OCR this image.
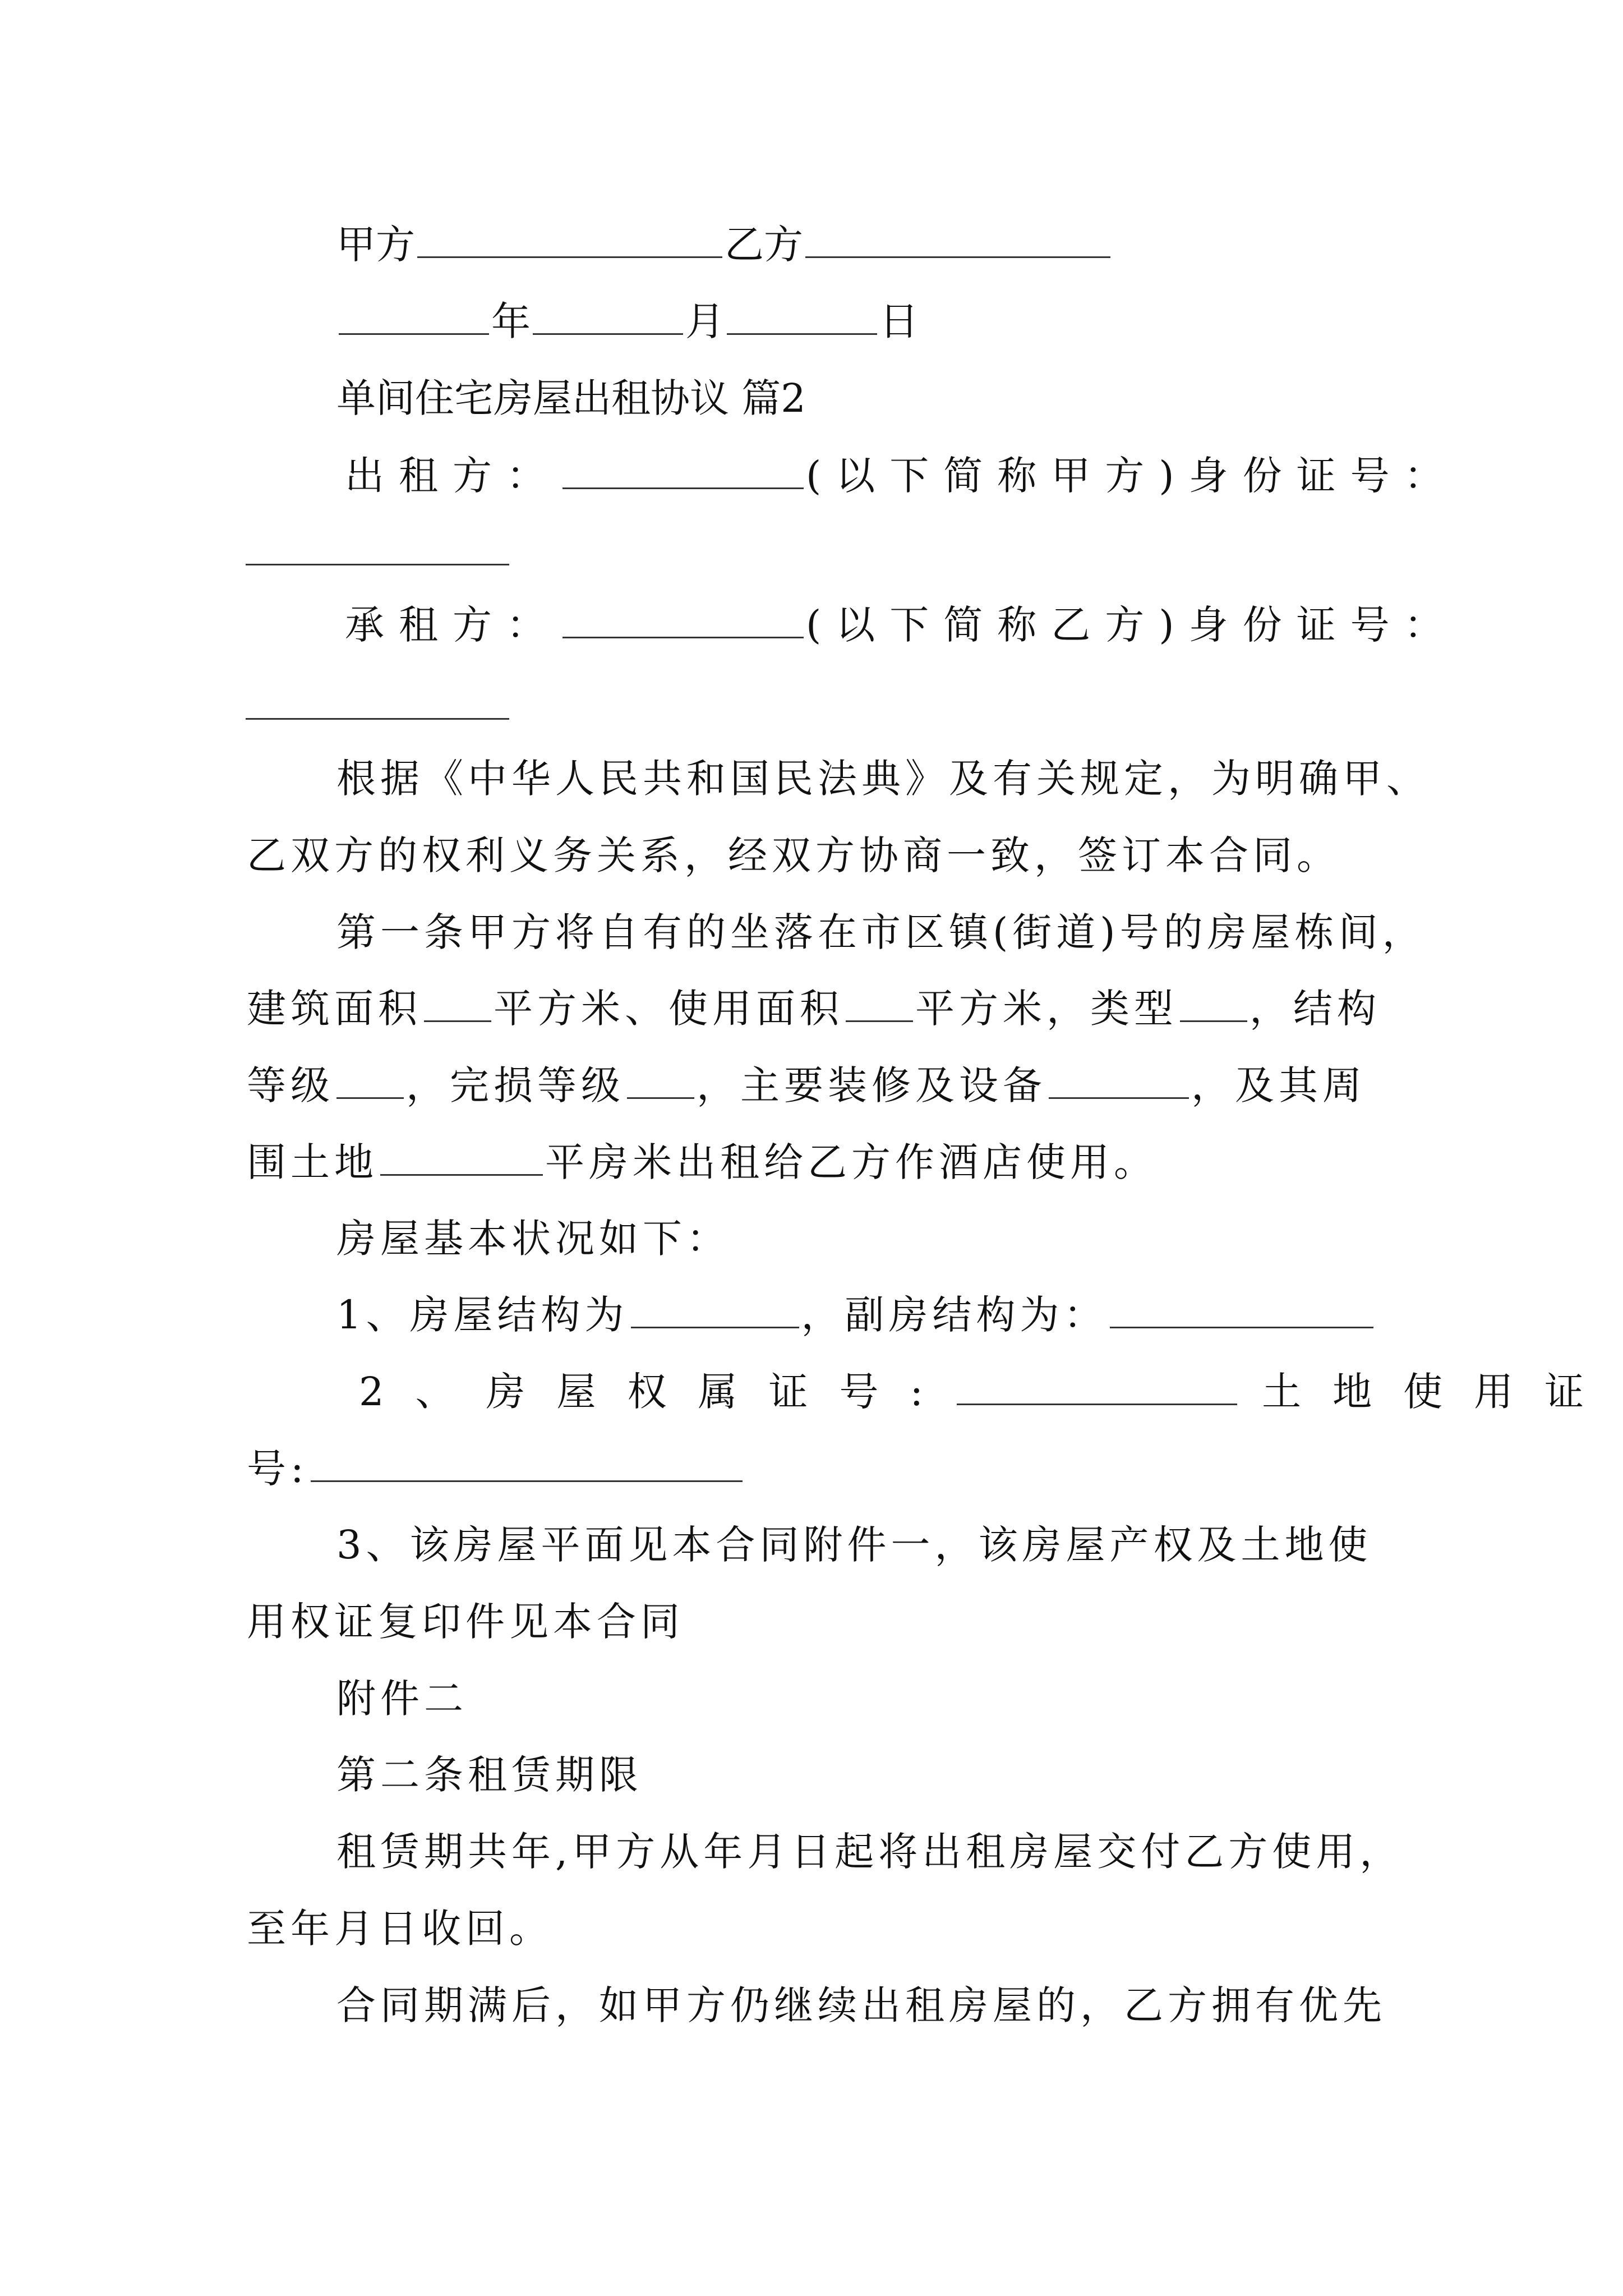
甲方	乙方
年	月	日
单间住宅房屋出租协议 篇2
出租方：	(以下简称甲方)身份证号：
承租方：	(以下简称乙方)身份证号：
根据《中华人民共和国民法典》及有关规定，为明确甲、
乙双方的权利义务关系，经双方协商一致，签订本合同。
第一条甲方将自有的坐落在市区镇(街道)号的房屋栋间，
建筑面积 平方米、使用面积 平方米，类型 ，结构
等级 ，完损等级 ，主要装修及设备	，及其周
围土地	平房米出租给乙方作酒店使用。
房屋基本状况如下：
1、房屋结构为	，副房结构为：
2、房屋权属证号:	土地使用证
号:
3、该房屋平面见本合同附件一，该房屋产权及土地使
用权证复印件见本合同
附件二
第二条租赁期限
租赁期共年,甲方从年月日起将出租房屋交付乙方使用，
至年月日收回。
合同期满后，如甲方仍继续出租房屋的，乙方拥有优先
